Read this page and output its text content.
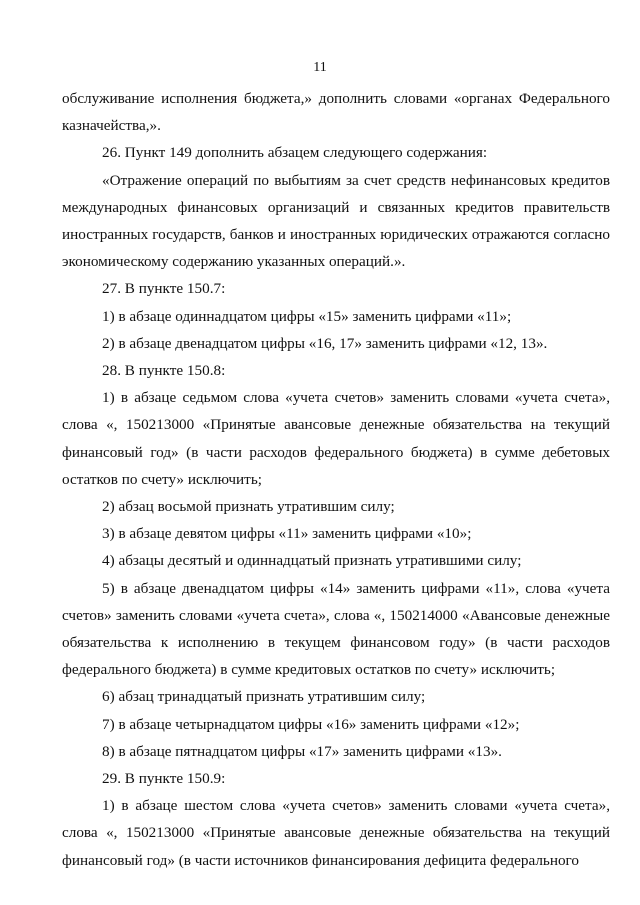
11

обслуживание исполнения бюджета,» дополнить словами «органах Федерального казначейства,».

26. Пункт 149 дополнить абзацем следующего содержания:

«Отражение операций по выбытиям за счет средств нефинансовых кредитов международных финансовых организаций и связанных кредитов правительств иностранных государств, банков и иностранных юридических отражаются согласно экономическому содержанию указанных операций.».

27. В пункте 150.7:

1) в абзаце одиннадцатом цифры «15» заменить цифрами «11»;

2) в абзаце двенадцатом цифры «16, 17» заменить цифрами «12, 13».

28. В пункте 150.8:

1) в абзаце седьмом слова «учета счетов» заменить словами «учета счета», слова «, 150213000 «Принятые авансовые денежные обязательства на текущий финансовый год» (в части расходов федерального бюджета) в сумме дебетовых остатков по счету» исключить;

2) абзац восьмой признать утратившим силу;

3) в абзаце девятом цифры «11» заменить цифрами «10»;

4) абзацы десятый и одиннадцатый признать утратившими силу;

5) в абзаце двенадцатом цифры «14» заменить цифрами «11», слова «учета счетов» заменить словами «учета счета», слова «, 150214000 «Авансовые денежные обязательства к исполнению в текущем финансовом году» (в части расходов федерального бюджета) в сумме кредитовых остатков по счету» исключить;

6) абзац тринадцатый признать утратившим силу;

7) в абзаце четырнадцатом цифры «16» заменить цифрами «12»;

8) в абзаце пятнадцатом цифры «17» заменить цифрами «13».

29. В пункте 150.9:

1) в абзаце шестом слова «учета счетов» заменить словами «учета счета», слова «, 150213000 «Принятые авансовые денежные обязательства на текущий финансовый год» (в части источников финансирования дефицита федерального
